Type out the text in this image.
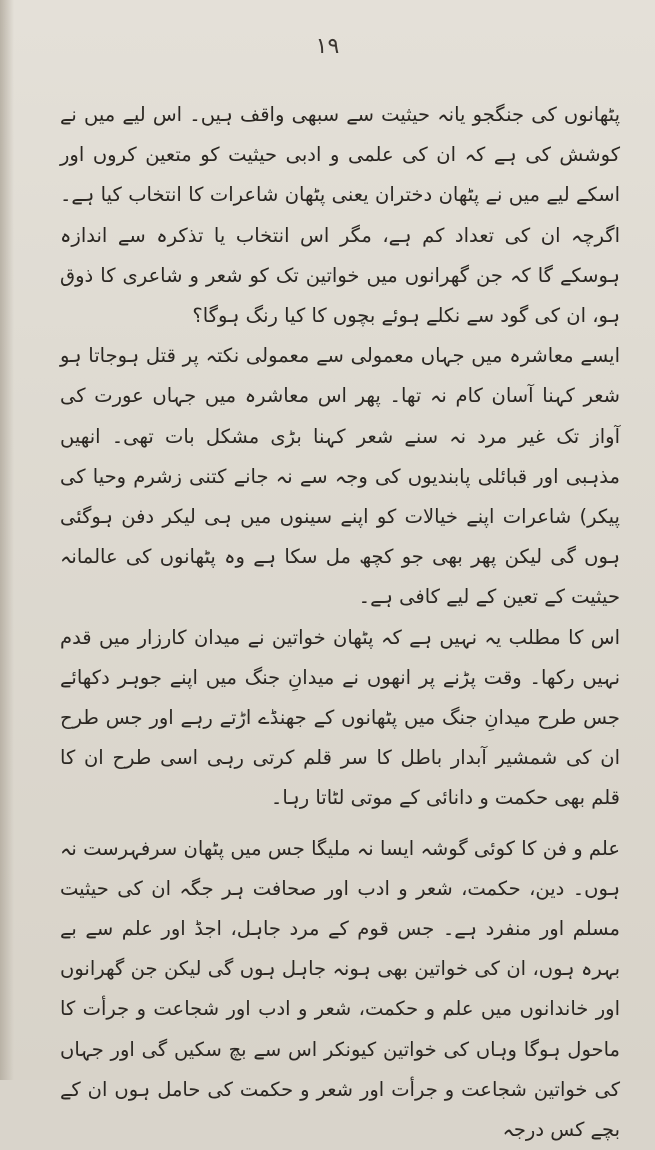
١٩

پٹھانوں کی جنگجو یانہ حیثیت سے سبھی واقف ہیں۔ اس لیے میں نے کوشش کی ہے کہ ان کی علمی و ادبی حیثیت کو متعین کروں اور اسکے لیے میں نے پٹھان دختران یعنی پٹھان شاعرات کا انتخاب کیا ہے۔ اگرچہ ان کی تعداد کم ہے، مگر اس انتخاب یا تذکرہ سے اندازہ ہوسکے گا کہ جن گھرانوں میں خواتین تک کو شعر و شاعری کا ذوق ہو، ان کی گود سے نکلے ہوئے بچوں کا کیا رنگ ہوگا؟

ایسے معاشرہ میں جہاں معمولی سے معمولی نکتہ پر قتل ہوجاتا ہو شعر کہنا آسان کام نہ تھا۔ پھر اس معاشرہ میں جہاں عورت کی آواز تک غیر مرد نہ سنے شعر کہنا بڑی مشکل بات تھی۔ انھیں مذہبی اور قبائلی پابندیوں کی وجہ سے نہ جانے کتنی زشرم وحیا کی پیکر) شاعرات اپنے خیالات کو اپنے سینوں میں ہی لیکر دفن ہوگئی ہوں گی لیکن پھر بھی جو کچھ مل سکا ہے وہ پٹھانوں کی عالمانہ حیثیت کے تعین کے لیے کافی ہے۔

اس کا مطلب یہ نہیں ہے کہ پٹھان خواتین نے میدان کارزار میں قدم نہیں رکھا۔ وقت پڑنے پر انھوں نے میدانِ جنگ میں اپنے جوہر دکھائے جس طرح میدانِ جنگ میں پٹھانوں کے جھنڈے اڑتے رہے اور جس طرح ان کی شمشیر آبدار باطل کا سر قلم کرتی رہی اسی طرح ان کا قلم بھی حکمت و دانائی کے موتی لٹاتا رہا۔

علم و فن کا کوئی گوشہ ایسا نہ ملیگا جس میں پٹھان سرفہرست نہ ہوں۔ دین، حکمت، شعر و ادب اور صحافت ہر جگہ ان کی حیثیت مسلم اور منفرد ہے۔ جس قوم کے مرد جاہل، اجڈ اور علم سے بے بہرہ ہوں، ان کی خواتین بھی ہونہ جاہل ہوں گی لیکن جن گھرانوں اور خاندانوں میں علم و حکمت، شعر و ادب اور شجاعت و جرأت کا ماحول ہوگا وہاں کی خواتین کیونکر اس سے بچ سکیں گی اور جہاں کی خواتین شجاعت و جرأت اور شعر و حکمت کی حامل ہوں ان کے بچے کس درجہ
